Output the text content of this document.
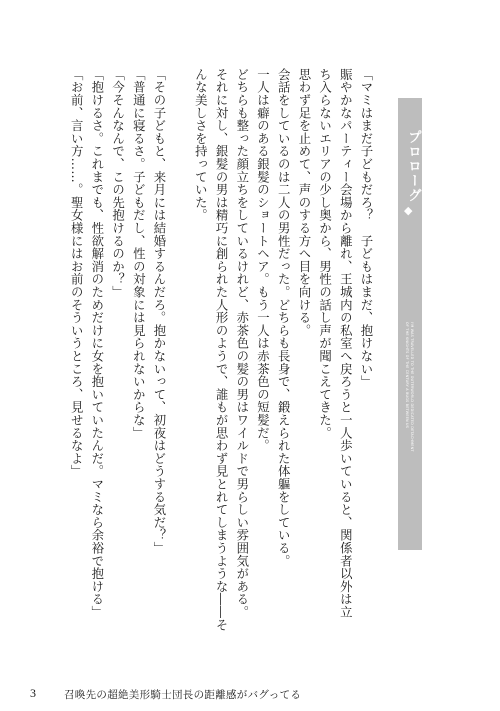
「マミはまだ子どもだろ？　子どもはまだ、抱けない」

賑やかなパーティー会場から離れ、王城内の私室へ戻ろうと一人歩いていると、関係者以外は立

ち入らないエリアの少し奥から、男性の話し声が聞こえてきた。

思わず足を止めて、声のする方へ目を向ける。

会話をしているのは二人の男性だった。どちらも長身で、鍛えられた体軀をしている。

一人は癖のある銀髪のショートヘア。もう一人は赤茶色の短髪だ。

どちらも整った顔立ちをしているけれど、赤茶色の髪の男はワイルドで男らしい雰囲気がある。

それに対し、銀髪の男は精巧に創られた人形のようで、誰もが思わず見とれてしまうような――そ

んな美しさを持っていた。

「その子どもと、来月には結婚するんだろ。抱かないって、初夜はどうする気だ？」

「普通に寝るさ。子どもだし、性の対象には見られないからな」

「今そんなんで、この先抱けるのか？」

「抱けるさ。これまでも、性欲解消のためだけに女を抱いていたんだ。マミなら余裕で抱ける」

「お前、言い方……。聖女様にはお前のそういうところ、見せるなよ」	プロローグ
◆
I'M WAS TRAVELLED TO THE OUTERWORLD DEDICATED DETACHMENT
OF THE KNIGHTS OF THE CENTURY A BUGS BETWEEN US
3	召喚先の超絶美形騎士団長の距離感がバグってる
